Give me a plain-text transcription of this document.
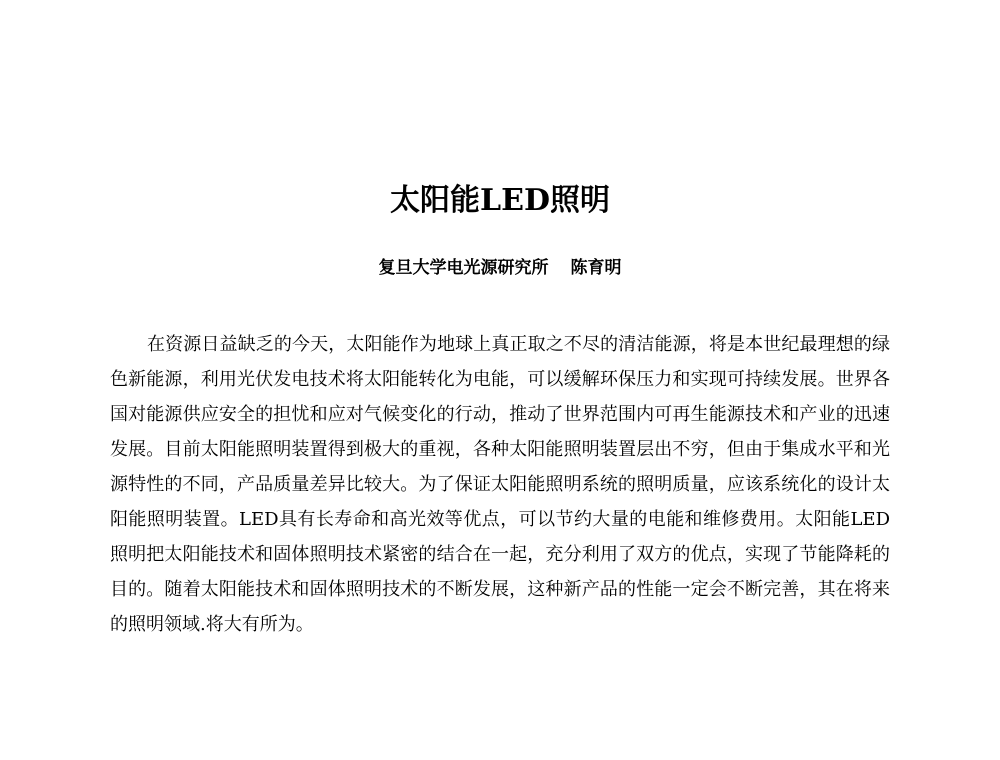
太阳能LED照明
复旦大学电光源研究所 陈育明

在资源日益缺乏的今天，太阳能作为地球上真正取之不尽的清洁能源，将是本世纪最理想的绿色新能源，利用光伏发电技术将太阳能转化为电能，可以缓解环保压力和实现可持续发展。世界各国对能源供应安全的担忧和应对气候变化的行动，推动了世界范围内可再生能源技术和产业的迅速发展。目前太阳能照明装置得到极大的重视，各种太阳能照明装置层出不穷，但由于集成水平和光源特性的不同，产品质量差异比较大。为了保证太阳能照明系统的照明质量，应该系统化的设计太阳能照明装置。LED具有长寿命和高光效等优点，可以节约大量的电能和维修费用。太阳能LED照明把太阳能技术和固体照明技术紧密的结合在一起，充分利用了双方的优点，实现了节能降耗的目的。随着太阳能技术和固体照明技术的不断发展，这种新产品的性能一定会不断完善，其在将来的照明领域.将大有所为。
